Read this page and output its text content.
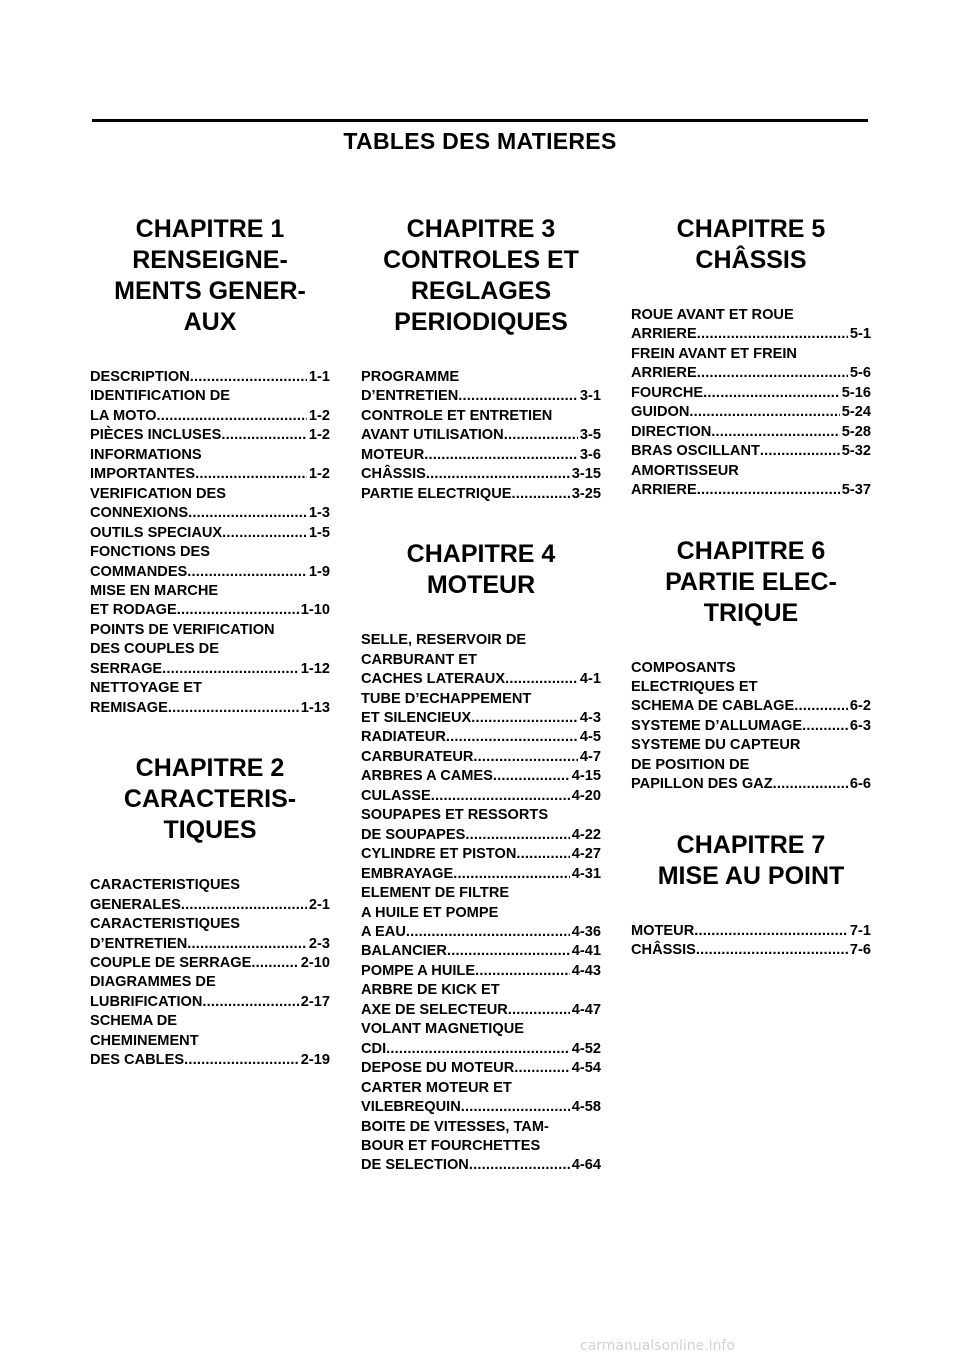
TABLES DES MATIERES
CHAPITRE 1
RENSEIGNE-
MENTS GENER-
AUX
DESCRIPTION .....	1-1
IDENTIFICATION DE
LA MOTO .....	1-2
PIÈCES INCLUSES .....	1-2
INFORMATIONS
IMPORTANTES .....	1-2
VERIFICATION DES
CONNEXIONS .....	1-3
OUTILS SPECIAUX .....	1-5
FONCTIONS DES
COMMANDES .....	1-9
MISE EN MARCHE
ET RODAGE .....	1-10
POINTS DE VERIFICATION
DES COUPLES DE
SERRAGE .....	1-12
NETTOYAGE ET
REMISAGE .....	1-13
CHAPITRE 2
CARACTERIS-
TIQUES
CARACTERISTIQUES
GENERALES .....	2-1
CARACTERISTIQUES
D’ENTRETIEN .....	2-3
COUPLE DE SERRAGE .....	2-10
DIAGRAMMES DE
LUBRIFICATION .....	2-17
SCHEMA DE
CHEMINEMENT
DES CABLES .....	2-19
CHAPITRE 3
CONTROLES ET
REGLAGES
PERIODIQUES
PROGRAMME
D’ENTRETIEN .....	3-1
CONTROLE ET ENTRETIEN
AVANT UTILISATION .....	3-5
MOTEUR .....	3-6
CHÂSSIS .....	3-15
PARTIE ELECTRIQUE .....	3-25
CHAPITRE 4
MOTEUR
SELLE, RESERVOIR DE
CARBURANT ET
CACHES LATERAUX .....	4-1
TUBE D’ECHAPPEMENT
ET SILENCIEUX .....	4-3
RADIATEUR .....	4-5
CARBURATEUR .....	4-7
ARBRES A CAMES .....	4-15
CULASSE .....	4-20
SOUPAPES ET RESSORTS
DE SOUPAPES .....	4-22
CYLINDRE ET PISTON .....	4-27
EMBRAYAGE .....	4-31
ELEMENT DE FILTRE
A HUILE ET POMPE
A EAU .....	4-36
BALANCIER .....	4-41
POMPE A HUILE .....	4-43
ARBRE DE KICK ET
AXE DE SELECTEUR .....	4-47
VOLANT MAGNETIQUE
CDI .....	4-52
DEPOSE DU MOTEUR .....	4-54
CARTER MOTEUR ET
VILEBREQUIN .....	4-58
BOITE DE VITESSES, TAM-
BOUR ET FOURCHETTES
DE SELECTION .....	4-64
CHAPITRE 5
CHÂSSIS
ROUE AVANT ET ROUE
ARRIERE .....	5-1
FREIN AVANT ET FREIN
ARRIERE .....	5-6
FOURCHE .....	5-16
GUIDON .....	5-24
DIRECTION .....	5-28
BRAS OSCILLANT .....	5-32
AMORTISSEUR
ARRIERE .....	5-37
CHAPITRE 6
PARTIE ELEC-
TRIQUE
COMPOSANTS
ELECTRIQUES ET
SCHEMA DE CABLAGE .....	6-2
SYSTEME D’ALLUMAGE .....	6-3
SYSTEME DU CAPTEUR
DE POSITION DE
PAPILLON DES GAZ .....	6-6
CHAPITRE 7
MISE AU POINT
MOTEUR .....	7-1
CHÂSSIS .....	7-6
carmanualsonline.info
